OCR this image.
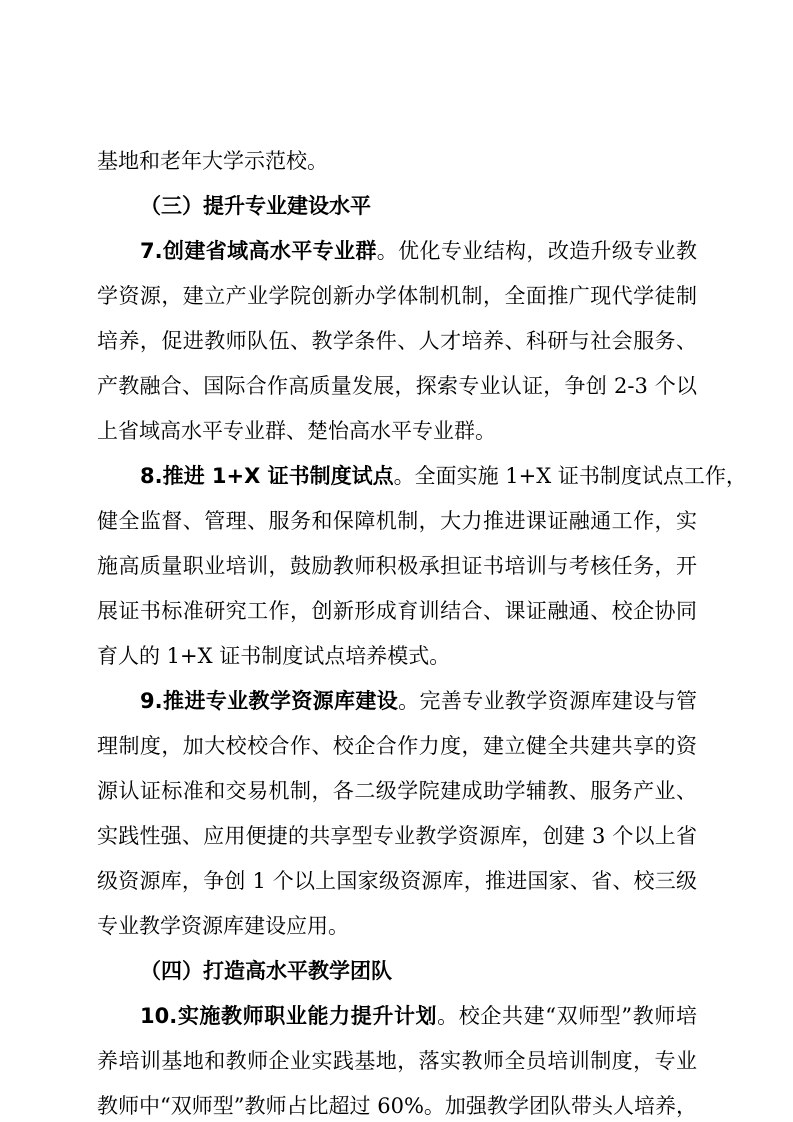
基地和老年大学示范校。
（三）提升专业建设水平
7.创建省域高水平专业群。优化专业结构，改造升级专业教
学资源，建立产业学院创新办学体制机制，全面推广现代学徒制
培养，促进教师队伍、教学条件、人才培养、科研与社会服务、
产教融合、国际合作高质量发展，探索专业认证，争创 2-3 个以
上省域高水平专业群、楚怡高水平专业群。
8.推进 1+X 证书制度试点。全面实施 1+X 证书制度试点工作，
健全监督、管理、服务和保障机制，大力推进课证融通工作，实
施高质量职业培训，鼓励教师积极承担证书培训与考核任务，开
展证书标准研究工作，创新形成育训结合、课证融通、校企协同
育人的 1+X 证书制度试点培养模式。
9.推进专业教学资源库建设。完善专业教学资源库建设与管
理制度，加大校校合作、校企合作力度，建立健全共建共享的资
源认证标准和交易机制，各二级学院建成助学辅教、服务产业、
实践性强、应用便捷的共享型专业教学资源库，创建 3 个以上省
级资源库，争创 1 个以上国家级资源库，推进国家、省、校三级
专业教学资源库建设应用。
（四）打造高水平教学团队
10.实施教师职业能力提升计划。校企共建“双师型”教师培
养培训基地和教师企业实践基地，落实教师全员培训制度，专业
教师中“双师型”教师占比超过 60%。加强教学团队带头人培养，
